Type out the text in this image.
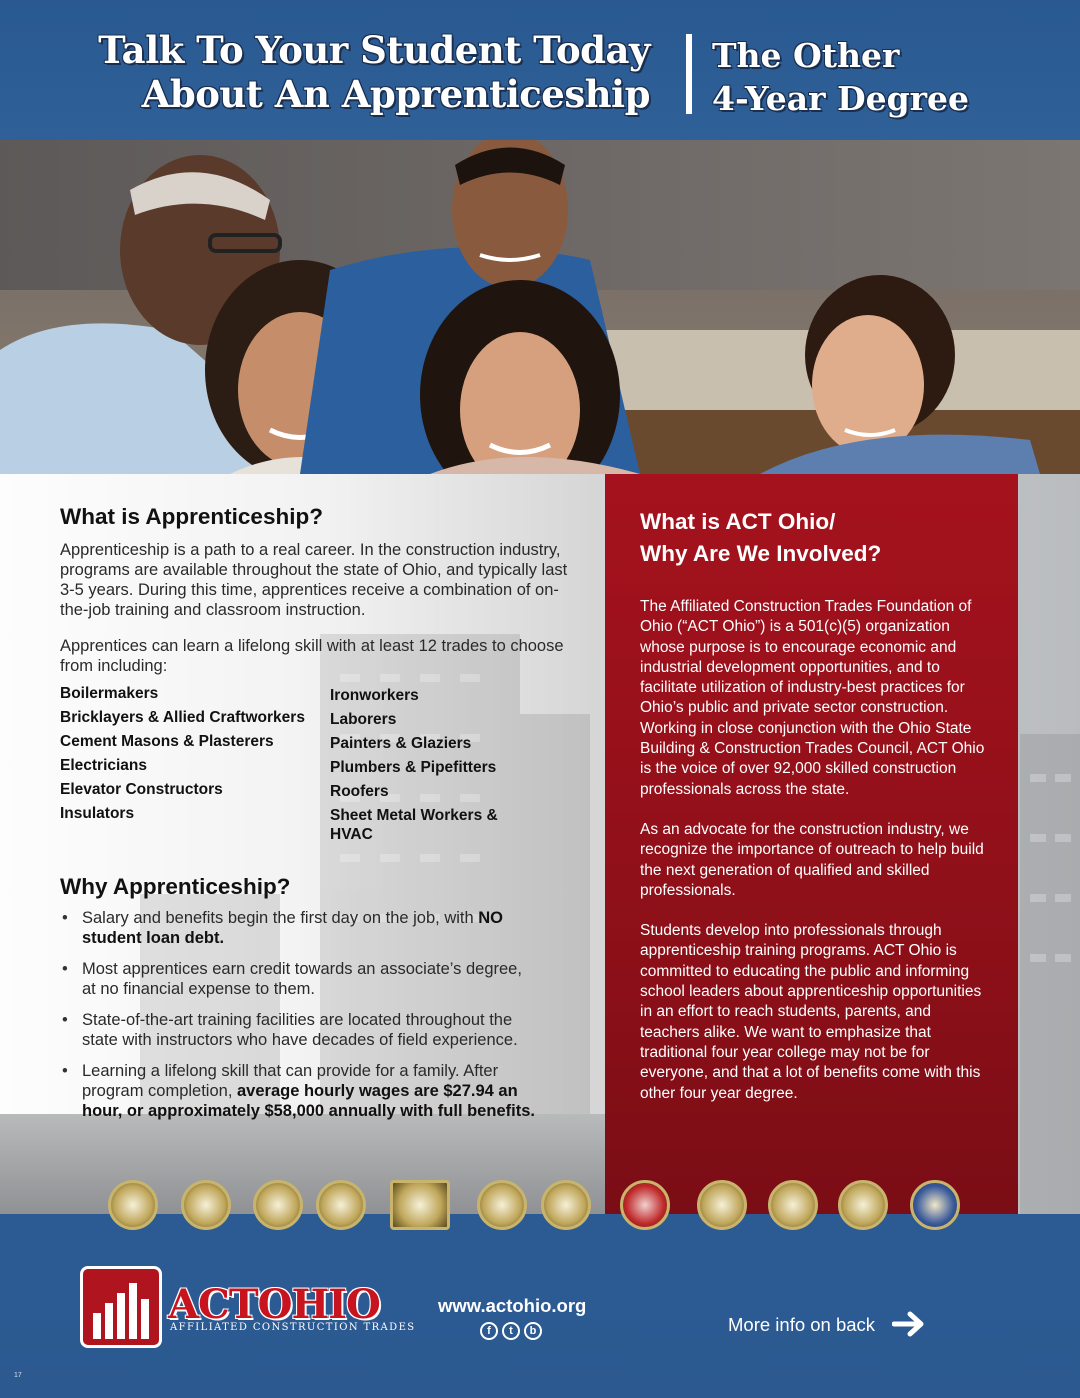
Talk To Your Student Today
About An Apprenticeship
The Other
4-Year Degree
What is Apprenticeship?

Apprenticeship is a path to a real career. In the construction industry, programs are available throughout the state of Ohio, and typically last 3-5 years. During this time, apprentices receive a combination of on-the-job training and classroom instruction.

Apprentices can learn a lifelong skill with at least 12 trades to choose from including:

Boilermakers
Bricklayers & Allied Craftworkers
Cement Masons & Plasterers
Electricians
Elevator Constructors
Insulators
Ironworkers
Laborers
Painters & Glaziers
Plumbers & Pipefitters
Roofers
Sheet Metal Workers & HVAC
Why Apprenticeship?
• Salary and benefits begin the first day on the job, with NO student loan debt.
• Most apprentices earn credit towards an associate’s degree, at no financial expense to them.
• State-of-the-art training facilities are located throughout the state with instructors who have decades of field experience.
• Learning a lifelong skill that can provide for a family. After program completion, average hourly wages are $27.94 an hour, or approximately $58,000 annually with full benefits.
What is ACT Ohio/
Why Are We Involved?

The Affiliated Construction Trades Foundation of Ohio (“ACT Ohio”) is a 501(c)(5) organization whose purpose is to encourage economic and industrial development opportunities, and to facilitate utilization of industry-best practices for Ohio’s public and private sector construction. Working in close conjunction with the Ohio State Building & Construction Trades Council, ACT Ohio is the voice of over 92,000 skilled construction professionals across the state.

As an advocate for the construction industry, we recognize the importance of outreach to help build the next generation of qualified and skilled professionals.

Students develop into professionals through apprenticeship training programs. ACT Ohio is committed to educating the public and informing school leaders about apprenticeship opportunities in an effort to reach students, parents, and teachers alike. We want to emphasize that traditional four year college may not be for everyone, and that a lot of benefits come with this other four year degree.

ACTOHIO
AFFILIATED CONSTRUCTION TRADES
www.actohio.org
f	t	b	More info on back
17
